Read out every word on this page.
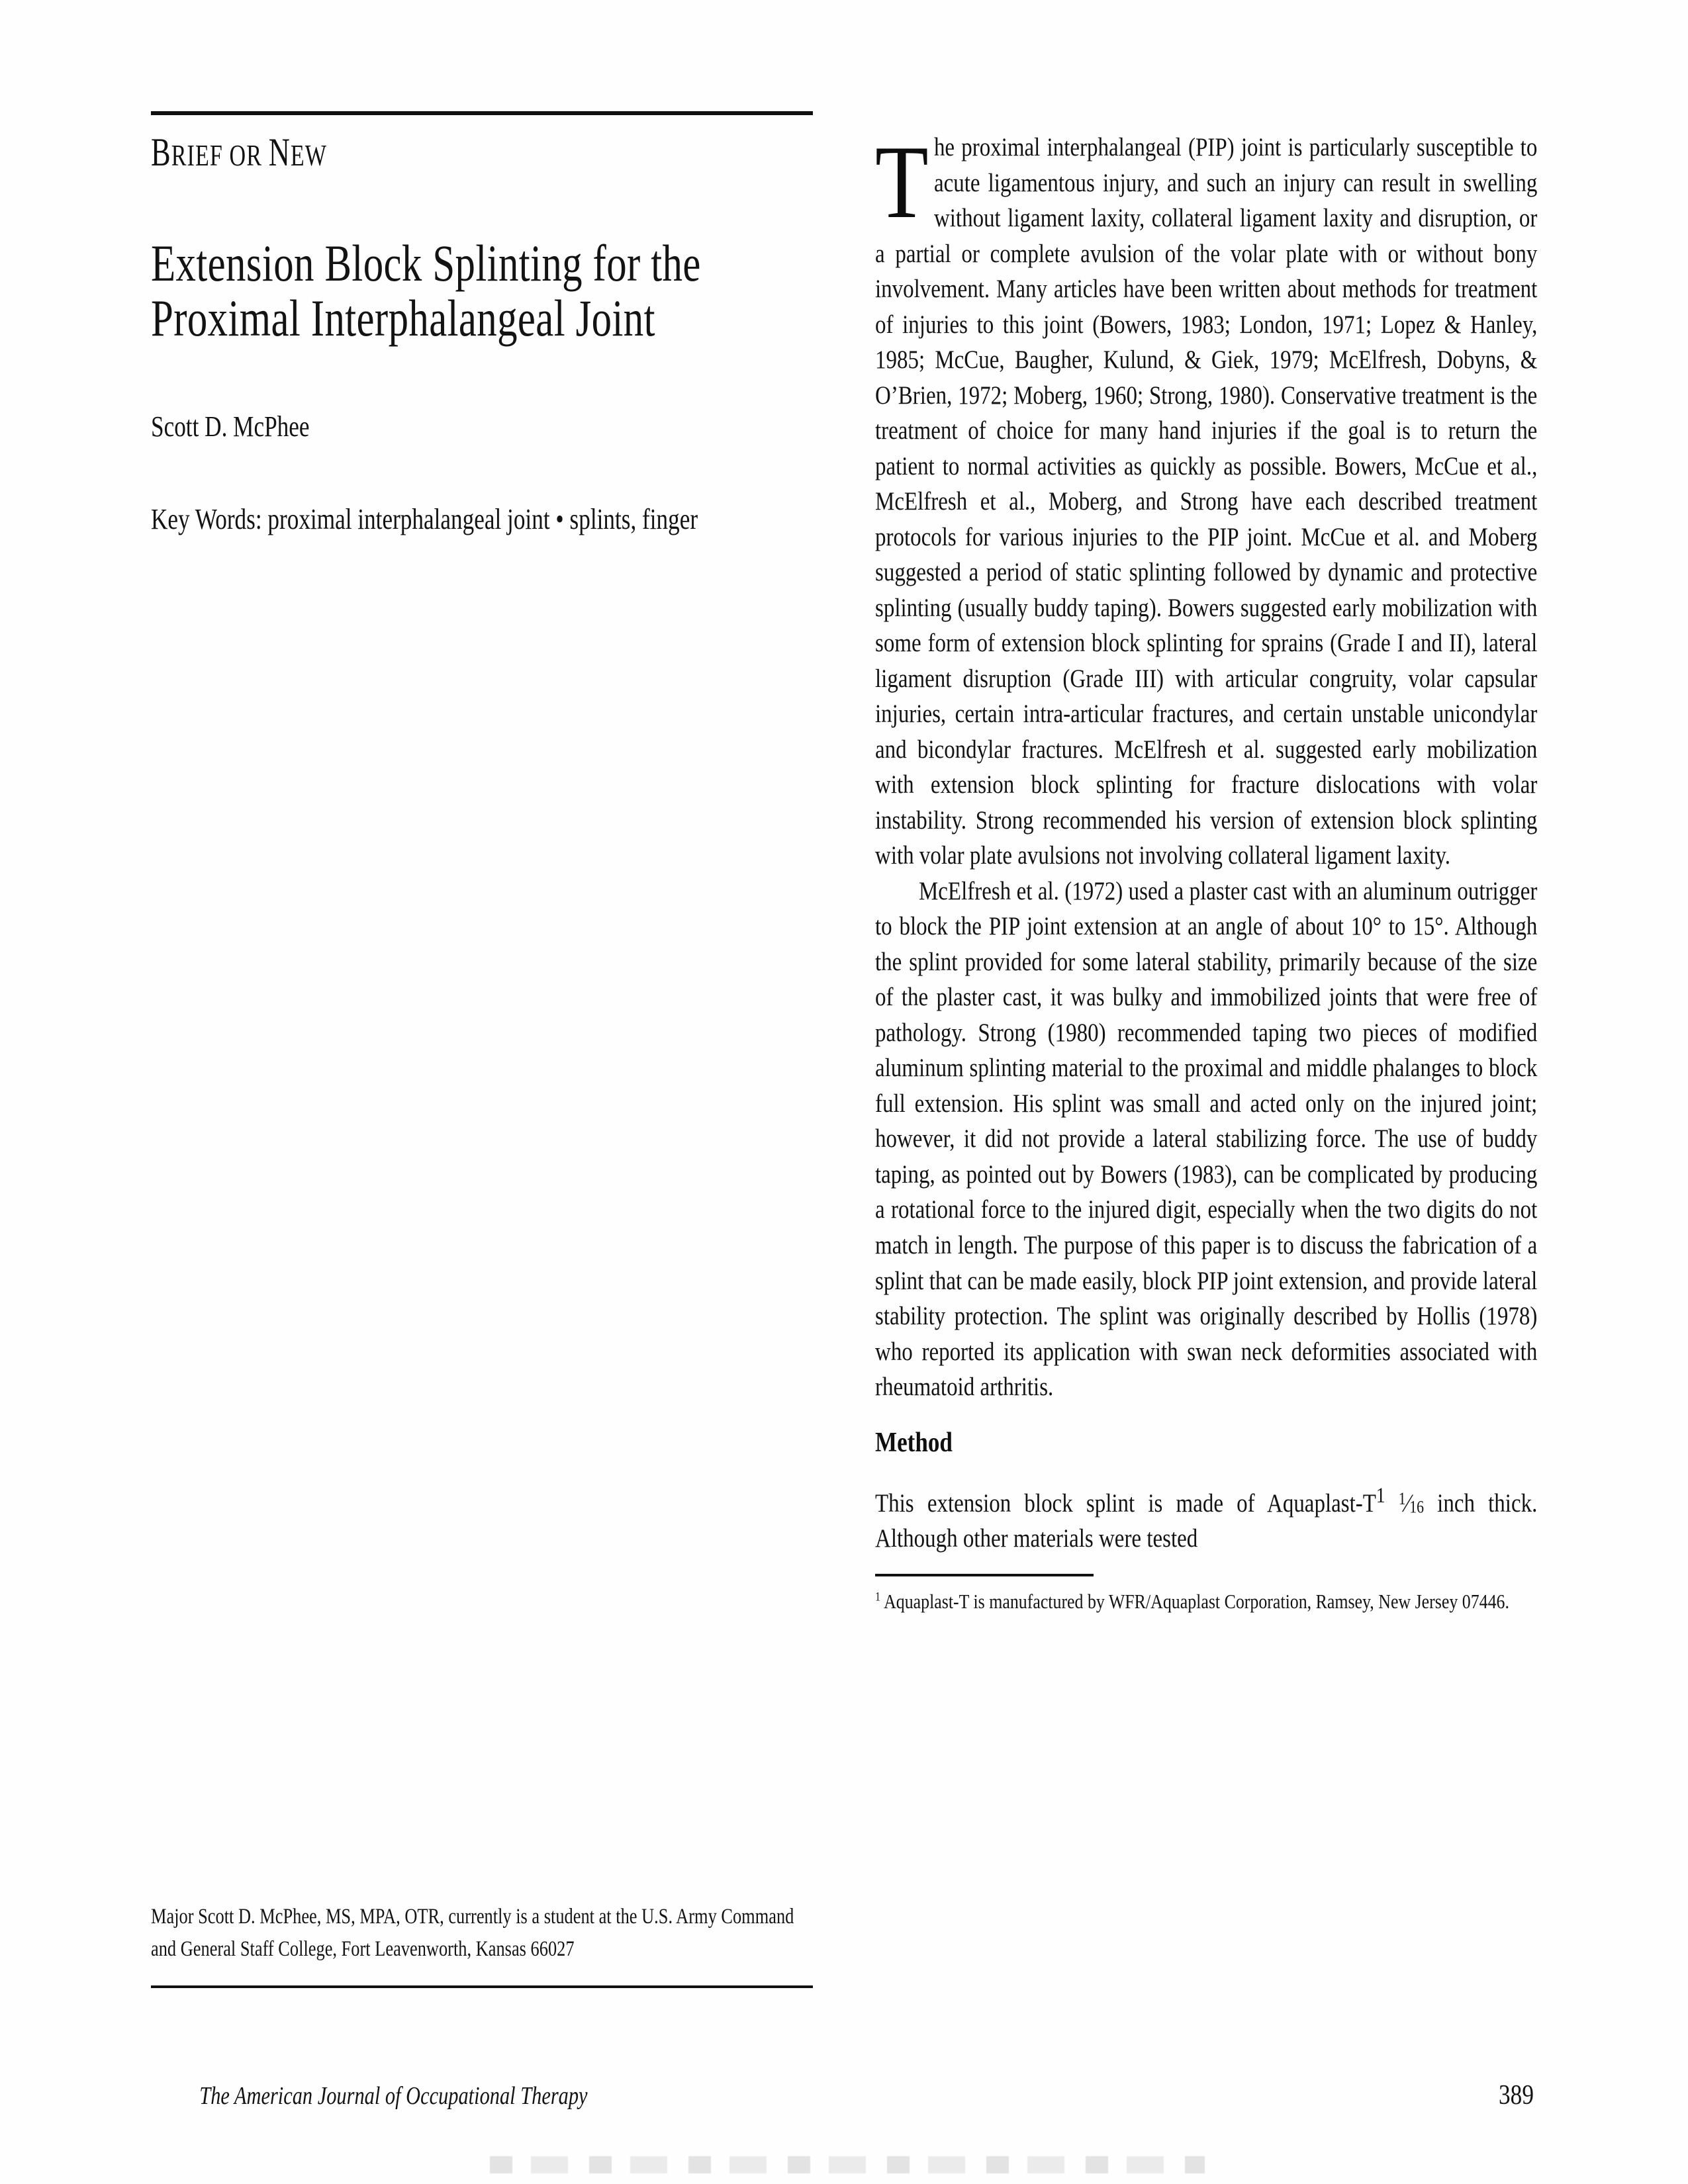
BRIEF OR NEW
Extension Block Splinting for the Proximal Interphalangeal Joint
Scott D. McPhee
Key Words: proximal interphalangeal joint • splints, finger
Major Scott D. McPhee, MS, MPA, OTR, currently is a student at the U.S. Army Command and General Staff College, Fort Leavenworth, Kansas 66027

The proximal interphalangeal (PIP) joint is particularly susceptible to acute ligamentous injury, and such an injury can result in swelling without ligament laxity, collateral ligament laxity and disruption, or a partial or complete avulsion of the volar plate with or without bony involvement. Many articles have been written about methods for treatment of injuries to this joint (Bowers, 1983; London, 1971; Lopez & Hanley, 1985; McCue, Baugher, Kulund, & Giek, 1979; McElfresh, Dobyns, & O’Brien, 1972; Moberg, 1960; Strong, 1980). Conservative treatment is the treatment of choice for many hand injuries if the goal is to return the patient to normal activities as quickly as possible. Bowers, McCue et al., McElfresh et al., Moberg, and Strong have each described treatment protocols for various injuries to the PIP joint. McCue et al. and Moberg suggested a period of static splinting followed by dynamic and protective splinting (usually buddy taping). Bowers suggested early mobilization with some form of extension block splinting for sprains (Grade I and II), lateral ligament disruption (Grade III) with articular congruity, volar capsular injuries, certain intra-articular fractures, and certain unstable unicondylar and bicondylar fractures. McElfresh et al. suggested early mobilization with extension block splinting for fracture dislocations with volar instability. Strong recommended his version of extension block splinting with volar plate avulsions not involving collateral ligament laxity.

McElfresh et al. (1972) used a plaster cast with an aluminum outrigger to block the PIP joint extension at an angle of about 10° to 15°. Although the splint provided for some lateral stability, primarily because of the size of the plaster cast, it was bulky and immobilized joints that were free of pathology. Strong (1980) recommended taping two pieces of modified aluminum splinting material to the proximal and middle phalanges to block full extension. His splint was small and acted only on the injured joint; however, it did not provide a lateral stabilizing force. The use of buddy taping, as pointed out by Bowers (1983), can be complicated by producing a rotational force to the injured digit, especially when the two digits do not match in length. The purpose of this paper is to discuss the fabrication of a splint that can be made easily, block PIP joint extension, and provide lateral stability protection. The splint was originally described by Hollis (1978) who reported its application with swan neck deformities associated with rheumatoid arthritis.

Method

This extension block splint is made of Aquaplast-$T^1$ $^1⁄_{16}$ inch thick. Although other materials were tested

$^1$ Aquaplast-T is manufactured by WFR/Aquaplast Corporation, Ramsey, New Jersey 07446.
The American Journal of Occupational Therapy	389
